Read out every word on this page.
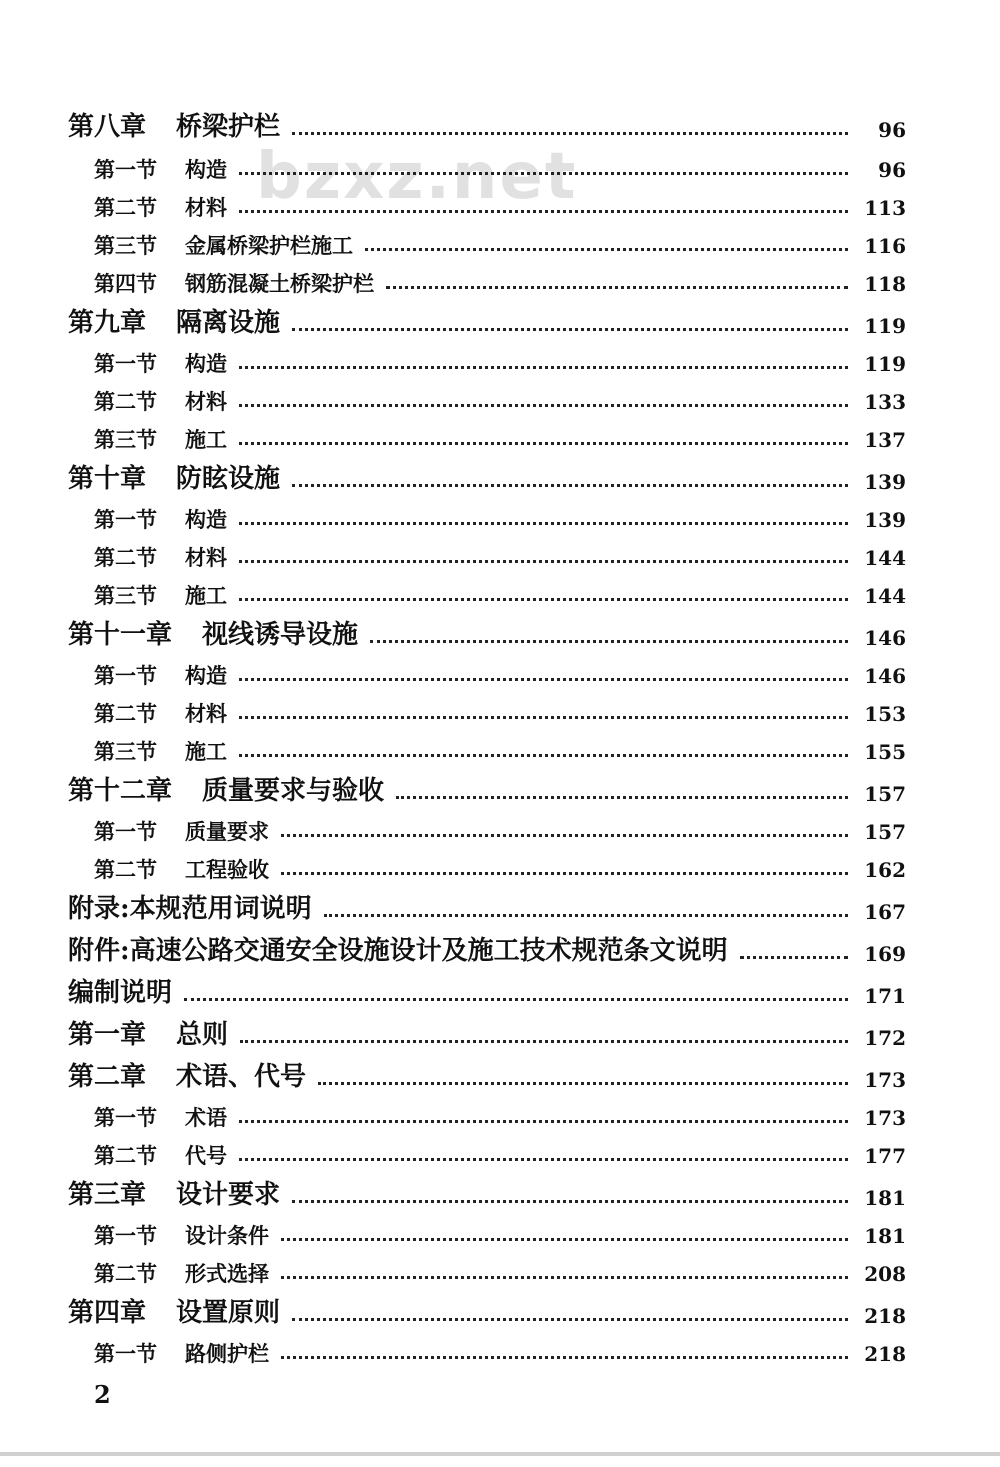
bzxz.net
第八章 桥梁护栏	96
第一节 构造	96
第二节 材料	113
第三节 金属桥梁护栏施工	116
第四节 钢筋混凝土桥梁护栏	118
第九章 隔离设施	119
第一节 构造	119
第二节 材料	133
第三节 施工	137
第十章 防眩设施	139
第一节 构造	139
第二节 材料	144
第三节 施工	144
第十一章 视线诱导设施	146
第一节 构造	146
第二节 材料	153
第三节 施工	155
第十二章 质量要求与验收	157
第一节 质量要求	157
第二节 工程验收	162
附录:本规范用词说明	167
附件:高速公路交通安全设施设计及施工技术规范条文说明	169
编制说明	171
第一章 总则	172
第二章 术语、代号	173
第一节 术语	173
第二节 代号	177
第三章 设计要求	181
第一节 设计条件	181
第二节 形式选择	208
第四章 设置原则	218
第一节 路侧护栏	218
2
